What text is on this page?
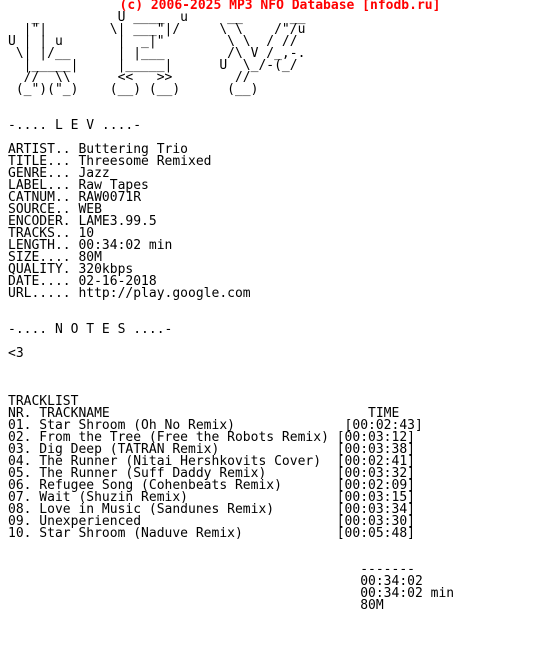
(c) 2006-2025 MP3 NFO Database [nfodb.ru]
_          U ____  u     __      __
|"|        \| ___"|/     \ \    /"/u
U | | u       |  _|"        \ \  / //
\| |/__      | |___        /\ V /_,-.
|_____|     |_____|      U  \_/-(_/
//  \\      <<   >>        //
(_")("_)    (__) (__)      (__)
-.... L E V ....-
ARTIST.. Buttering Trio
TITLE... Threesome Remixed
GENRE... Jazz
LABEL... Raw Tapes
CATNUM.. RAW0071R
SOURCE.. WEB
ENCODER. LAME3.99.5
TRACKS.. 10
LENGTH.. 00:34:02 min
SIZE.... 80M
QUALITY. 320kbps
DATE.... 02-16-2018
URL..... http://play.google.com
-.... N O T E S ....-
<3
TRACKLIST
NR. TRACKNAME                                 TIME
01. Star Shroom (Oh No Remix)              [00:02:43]
02. From the Tree (Free the Robots Remix) [00:03:12]
03. Dig Deep (TATRAN Remix)               [00:03:38]
04. The Runner (Nitai Hershkovits Cover)  [00:02:41]
05. The Runner (Suff Daddy Remix)         [00:03:32]
06. Refugee Song (Cohenbeats Remix)       [00:02:09]
07. Wait (Shuzin Remix)                   [00:03:15]
08. Love in Music (Sandunes Remix)        [00:03:34]
09. Unexperienced                         [00:03:30]
10. Star Shroom (Naduve Remix)            [00:05:48]
-------
00:34:02
00:34:02 min
80M
